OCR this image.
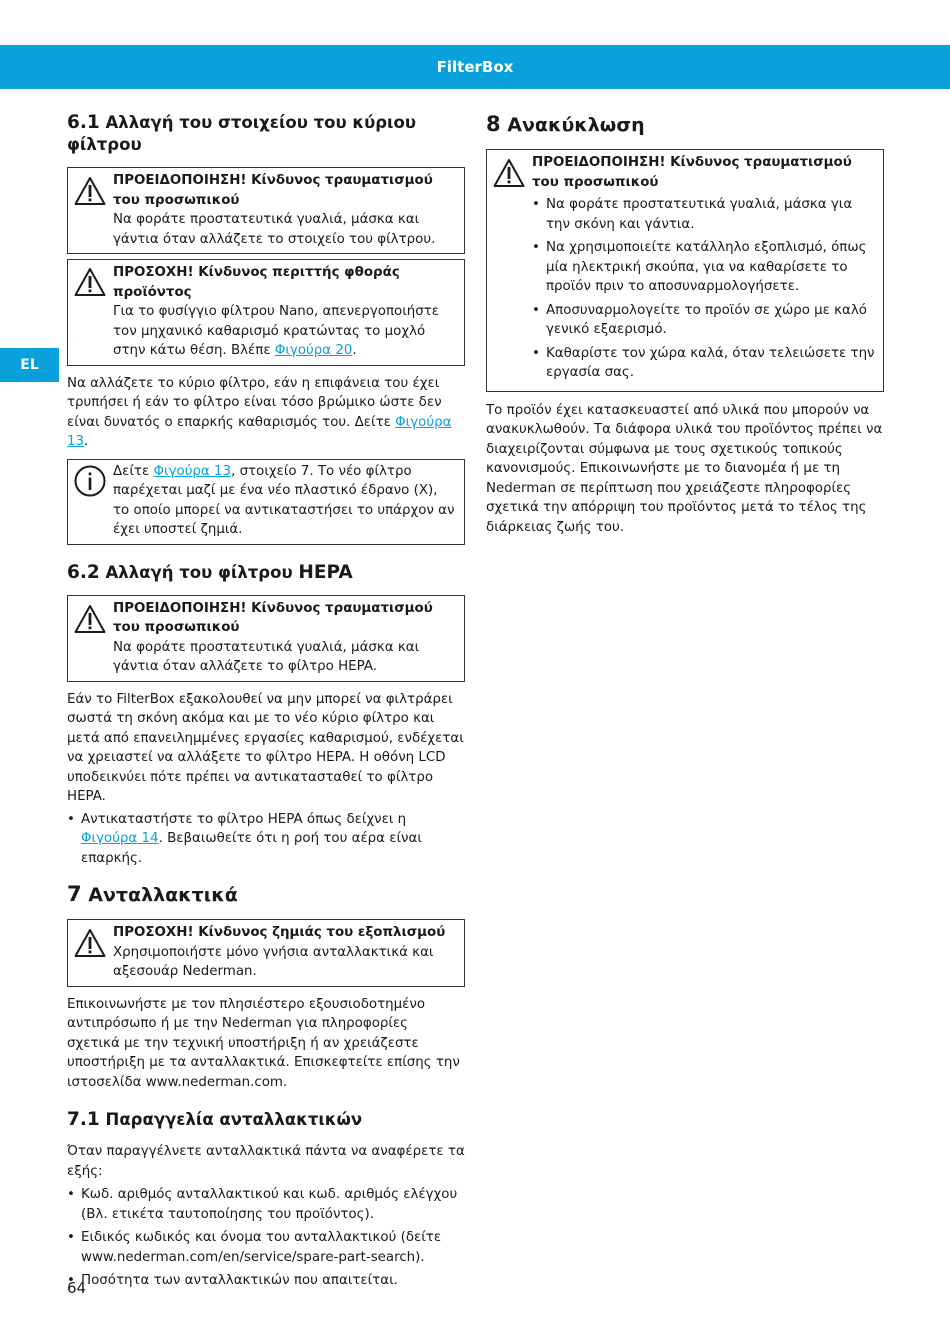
FilterBox
EL
6.1 Αλλαγή του στοιχείου του κύριου φίλτρου
ΠΡΟΕΙΔΟΠΟΙΗΣΗ! Κίνδυνος τραυματισμού του προσωπικού
Να φοράτε προστατευτικά γυαλιά, μάσκα και γάντια όταν αλλάζετε το στοιχείο του φίλτρου.
ΠΡΟΣΟΧΗ! Κίνδυνος περιττής φθοράς προϊόντος
Για το φυσίγγιο φίλτρου Nano, απενεργοποιήστε τον μηχανικό καθαρισμό κρατώντας το μοχλό στην κάτω θέση. Βλέπε Φιγούρα 20.

Να αλλάζετε το κύριο φίλτρο, εάν η επιφάνεια του έχει τρυπήσει ή εάν το φίλτρο είναι τόσο βρώμικο ώστε δεν είναι δυνατός ο επαρκής καθαρισμός του. Δείτε Φιγούρα 13.

Δείτε Φιγούρα 13, στοιχείο 7. Το νέο φίλτρο παρέχεται μαζί με ένα νέο πλαστικό έδρανο (X), το οποίο μπορεί να αντικαταστήσει το υπάρχον αν έχει υποστεί ζημιά.
6.2 Αλλαγή του φίλτρου HEPA
ΠΡΟΕΙΔΟΠΟΙΗΣΗ! Κίνδυνος τραυματισμού του προσωπικού
Να φοράτε προστατευτικά γυαλιά, μάσκα και γάντια όταν αλλάζετε το φίλτρο HEPA.

Εάν το FilterBox εξακολουθεί να μην μπορεί να φιλτράρει σωστά τη σκόνη ακόμα και με το νέο κύριο φίλτρο και μετά από επανειλημμένες εργασίες καθαρισμού, ενδέχεται να χρειαστεί να αλλάξετε το φίλτρο HEPA. Η οθόνη LCD υποδεικνύει πότε πρέπει να αντικατασταθεί το φίλτρο HEPA.

• Αντικαταστήστε το φίλτρο HEPA όπως δείχνει η Φιγούρα 14. Βεβαιωθείτε ότι η ροή του αέρα είναι επαρκής.
7 Ανταλλακτικά
ΠΡΟΣΟΧΗ! Κίνδυνος ζημιάς του εξοπλισμού
Χρησιμοποιήστε μόνο γνήσια ανταλλακτικά και αξεσουάρ Nederman.

Επικοινωνήστε με τον πλησιέστερο εξουσιοδοτημένο αντιπρόσωπο ή με την Nederman για πληροφορίες σχετικά με την τεχνική υποστήριξη ή αν χρειάζεστε υποστήριξη με τα ανταλλακτικά. Επισκεφτείτε επίσης την ιστοσελίδα www.nederman.com.

7.1 Παραγγελία ανταλλακτικών

Όταν παραγγέλνετε ανταλλακτικά πάντα να αναφέρετε τα εξής:

• Κωδ. αριθμός ανταλλακτικού και κωδ. αριθμός ελέγχου (Βλ. ετικέτα ταυτοποίησης του προϊόντος).
• Ειδικός κωδικός και όνομα του ανταλλακτικού (δείτε www.nederman.com/en/service/spare-part-search).
• Ποσότητα των ανταλλακτικών που απαιτείται.
8 Ανακύκλωση
ΠΡΟΕΙΔΟΠΟΙΗΣΗ! Κίνδυνος τραυματισμού του προσωπικού
• Να φοράτε προστατευτικά γυαλιά, μάσκα για την σκόνη και γάντια.
• Να χρησιμοποιείτε κατάλληλο εξοπλισμό, όπως μία ηλεκτρική σκούπα, για να καθαρίσετε το προϊόν πριν το αποσυναρμολογήσετε.
• Αποσυναρμολογείτε το προϊόν σε χώρο με καλό γενικό εξαερισμό.
• Καθαρίστε τον χώρα καλά, όταν τελειώσετε την εργασία σας.

Το προϊόν έχει κατασκευαστεί από υλικά που μπορούν να ανακυκλωθούν. Τα διάφορα υλικά του προϊόντος πρέπει να διαχειρίζονται σύμφωνα με τους σχετικούς τοπικούς κανονισμούς. Επικοινωνήστε με το διανομέα ή με τη Nederman σε περίπτωση που χρειάζεστε πληροφορίες σχετικά την απόρριψη του προϊόντος μετά το τέλος της διάρκειας ζωής του.

64
